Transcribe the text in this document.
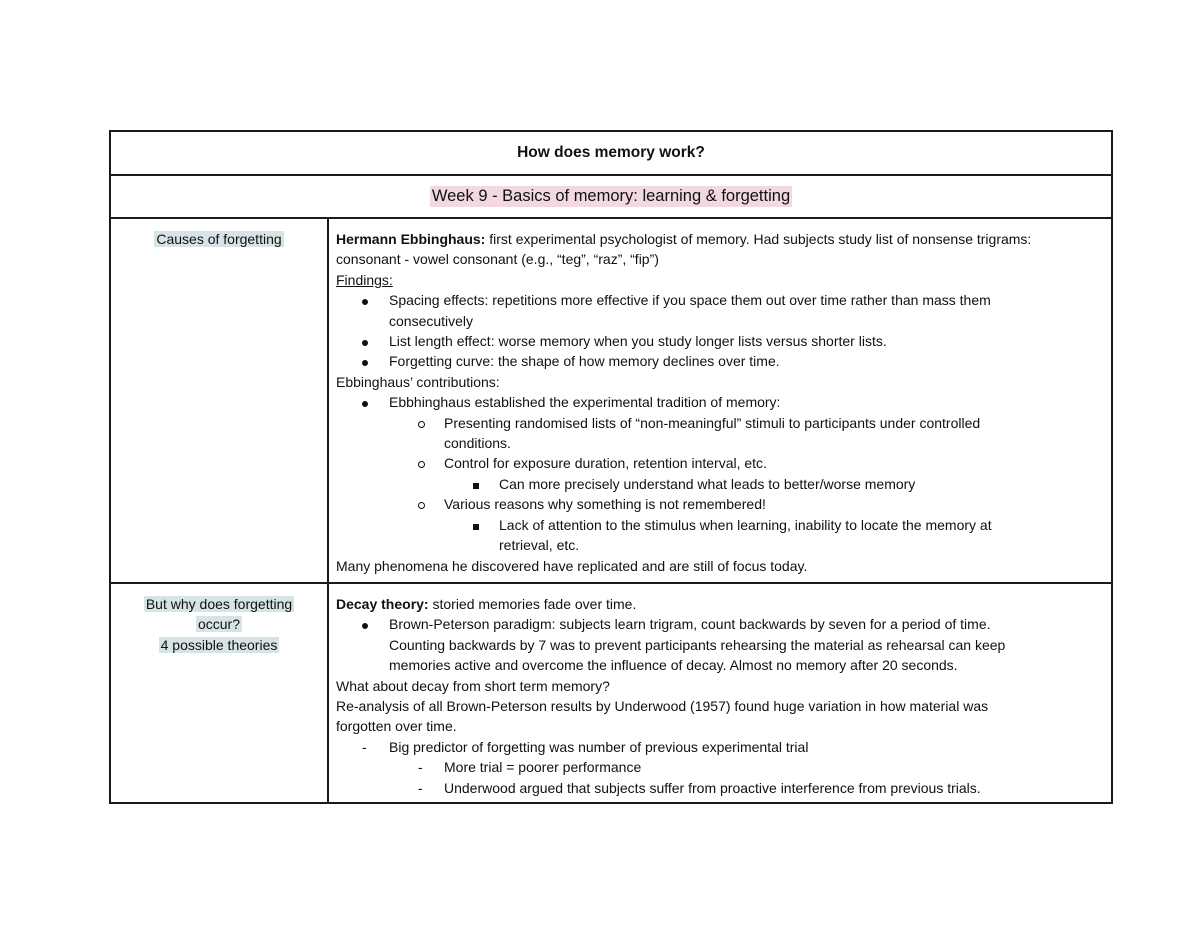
How does memory work?
Week 9 - Basics of memory: learning & forgetting
Causes of forgetting	Hermann Ebbinghaus: first experimental psychologist of memory. Had subjects study list of nonsense trigrams:
consonant - vowel consonant (e.g., “teg”, “raz”, “fip”)
Findings:
Spacing effects: repetitions more effective if you space them out over time rather than mass them
consecutively
List length effect: worse memory when you study longer lists versus shorter lists.
Forgetting curve: the shape of how memory declines over time.
Ebbinghaus’ contributions:
Ebbhinghaus established the experimental tradition of memory:
Presenting randomised lists of “non-meaningful” stimuli to participants under controlled
conditions.
Control for exposure duration, retention interval, etc.
Can more precisely understand what leads to better/worse memory
Various reasons why something is not remembered!
Lack of attention to the stimulus when learning, inability to locate the memory at
retrieval, etc.
Many phenomena he discovered have replicated and are still of focus today.
But why does forgetting
occur?
4 possible theories
Decay theory: storied memories fade over time.
Brown-Peterson paradigm: subjects learn trigram, count backwards by seven for a period of time.
Counting backwards by 7 was to prevent participants rehearsing the material as rehearsal can keep
memories active and overcome the influence of decay. Almost no memory after 20 seconds.
What about decay from short term memory?
Re-analysis of all Brown-Peterson results by Underwood (1957) found huge variation in how material was
forgotten over time.
- Big predictor of forgetting was number of previous experimental trial
- More trial = poorer performance
- Underwood argued that subjects suffer from proactive interference from previous trials.
